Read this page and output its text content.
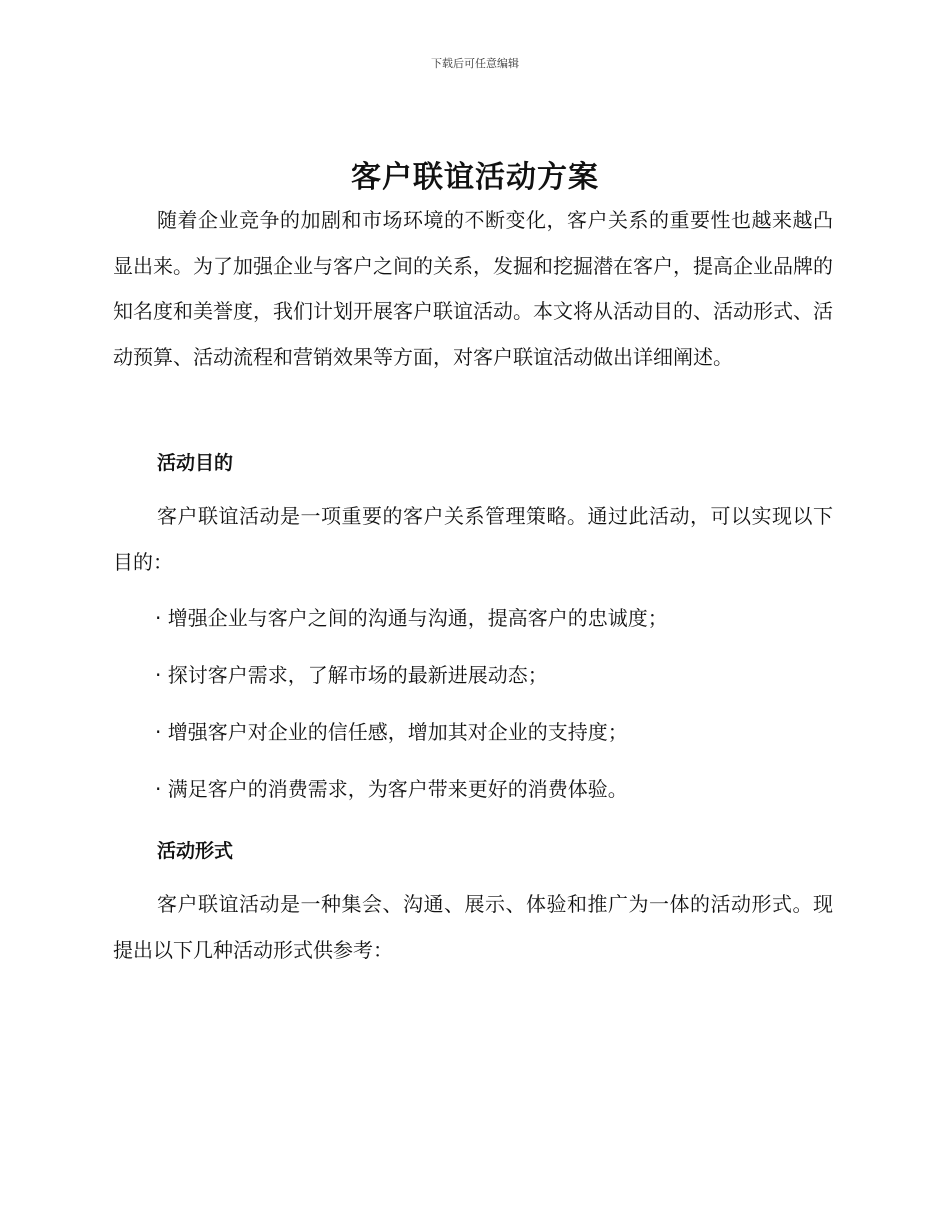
下载后可任意编辑
客户联谊活动方案
随着企业竞争的加剧和市场环境的不断变化，客户关系的重要性也越来越凸显出来。为了加强企业与客户之间的关系，发掘和挖掘潜在客户，提高企业品牌的知名度和美誉度，我们计划开展客户联谊活动。本文将从活动目的、活动形式、活动预算、活动流程和营销效果等方面，对客户联谊活动做出详细阐述。
活动目的
客户联谊活动是一项重要的客户关系管理策略。通过此活动，可以实现以下目的：
· 增强企业与客户之间的沟通与沟通，提高客户的忠诚度；
· 探讨客户需求，了解市场的最新进展动态；
· 增强客户对企业的信任感，增加其对企业的支持度；
· 满足客户的消费需求，为客户带来更好的消费体验。
活动形式
客户联谊活动是一种集会、沟通、展示、体验和推广为一体的活动形式。现提出以下几种活动形式供参考：
